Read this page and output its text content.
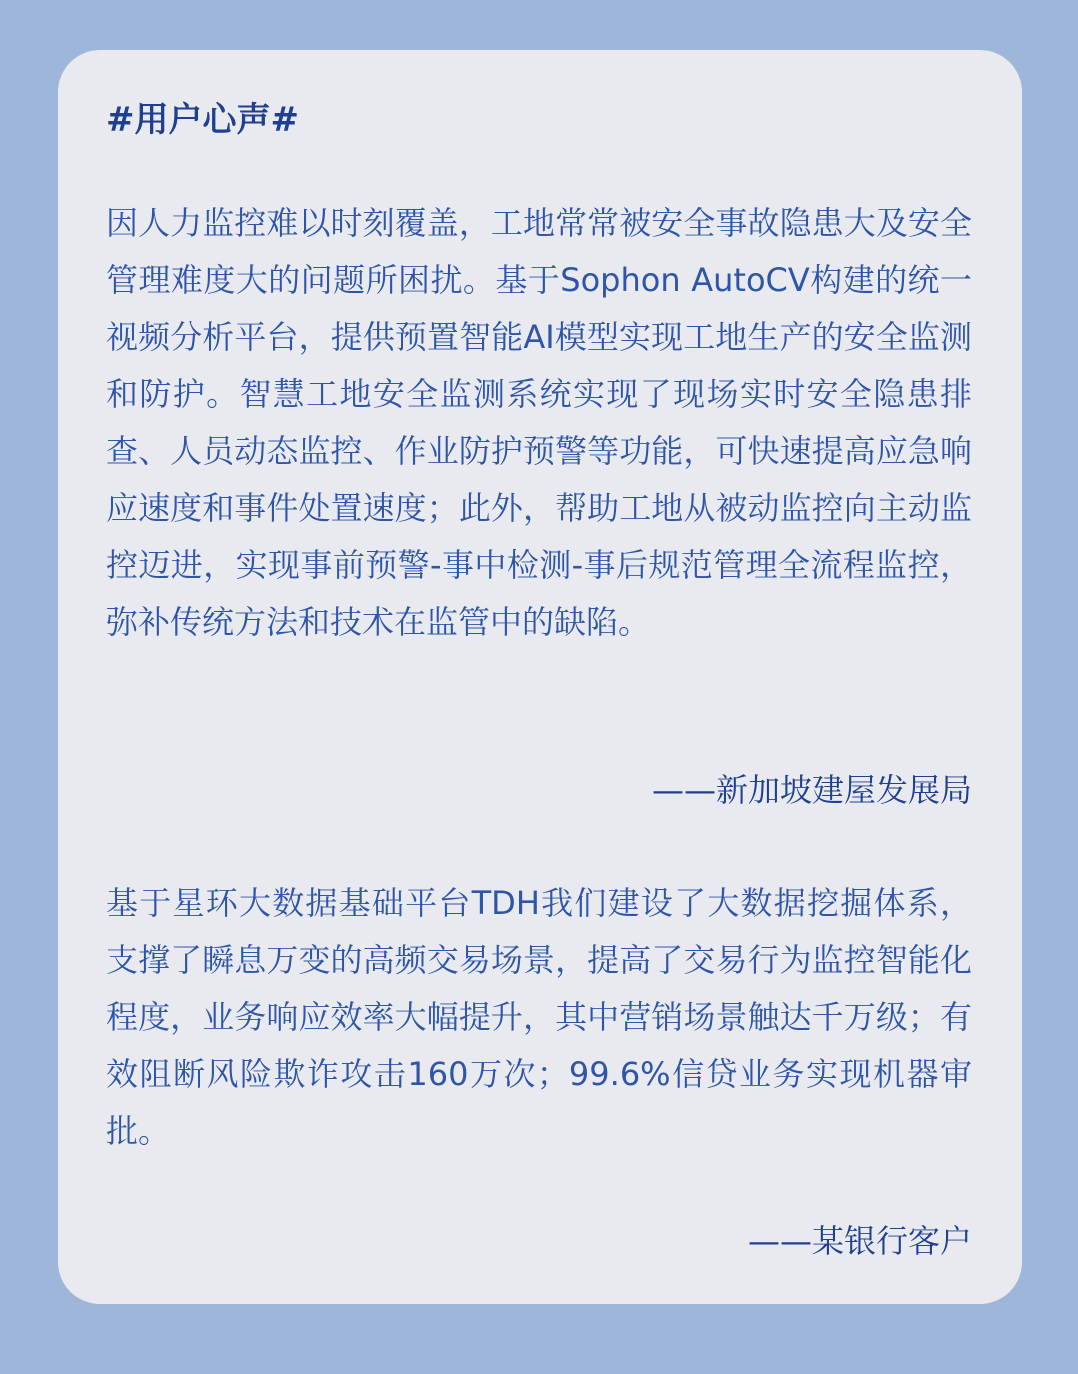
#用户心声#
因人力监控难以时刻覆盖，工地常常被安全事故隐患大及安全管理难度大的问题所困扰。基于Sophon AutoCV构建的统一视频分析平台，提供预置智能AI模型实现工地生产的安全监测和防护。智慧工地安全监测系统实现了现场实时安全隐患排查、人员动态监控、作业防护预警等功能，可快速提高应急响应速度和事件处置速度；此外，帮助工地从被动监控向主动监控迈进，实现事前预警-事中检测-事后规范管理全流程监控，弥补传统方法和技术在监管中的缺陷。
——新加坡建屋发展局
基于星环大数据基础平台TDH我们建设了大数据挖掘体系，支撑了瞬息万变的高频交易场景，提高了交易行为监控智能化程度，业务响应效率大幅提升，其中营销场景触达千万级；有效阻断风险欺诈攻击160万次；99.6%信贷业务实现机器审批。
——某银行客户
